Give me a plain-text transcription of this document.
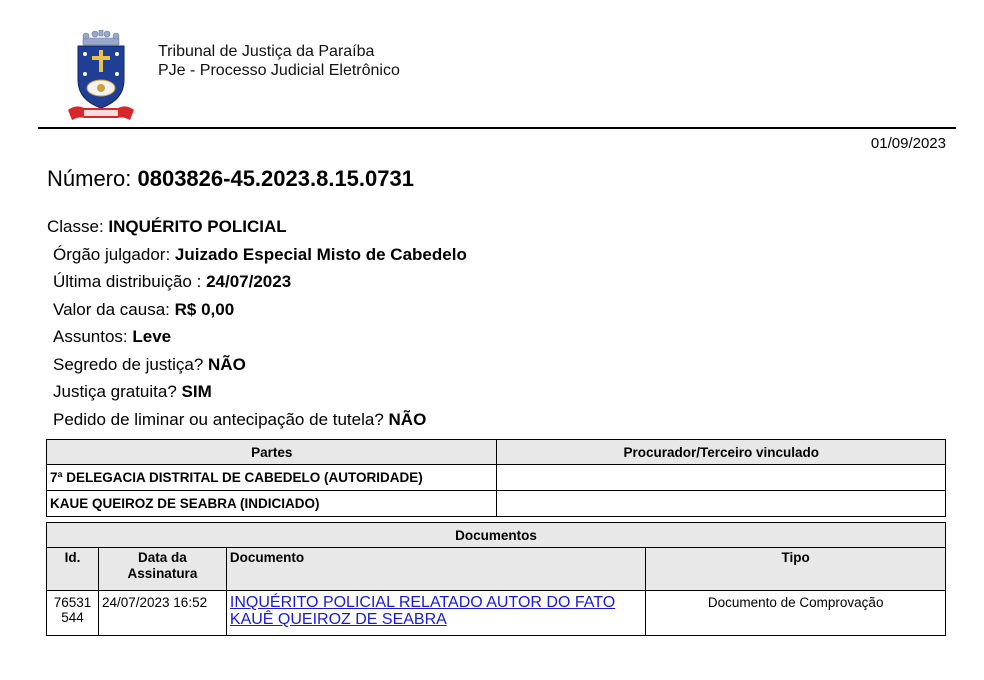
Tribunal de Justiça da Paraíba
PJe - Processo Judicial Eletrônico
01/09/2023
Número: 0803826-45.2023.8.15.0731
Classe: INQUÉRITO POLICIAL
Órgão julgador: Juizado Especial Misto de Cabedelo
Última distribuição : 24/07/2023
Valor da causa: R$ 0,00
Assuntos: Leve
Segredo de justiça? NÃO
Justiça gratuita? SIM
Pedido de liminar ou antecipação de tutela? NÃO
Partes	Procurador/Terceiro vinculado
7ª DELEGACIA DISTRITAL DE CABEDELO (AUTORIDADE)	
KAUE QUEIROZ DE SEABRA (INDICIADO)	
Documentos			
Id.	Data da Assinatura	Documento	Tipo
76531 544	24/07/2023 16:52	INQUÉRITO POLICIAL RELATADO AUTOR DO FATO KAUÊ QUEIROZ DE SEABRA	Documento de Comprovação
